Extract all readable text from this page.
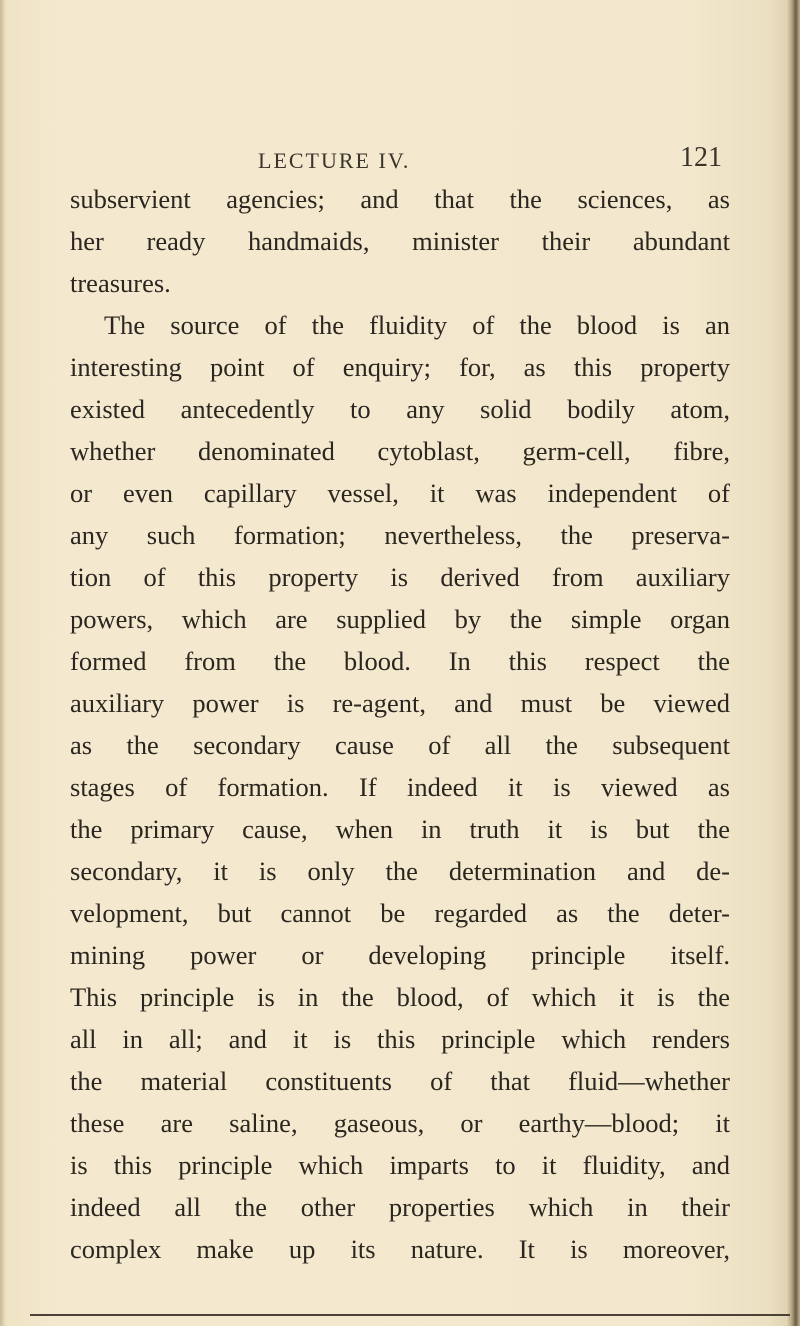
LECTURE IV.	121
subservient agencies; and that the sciences, as
her ready handmaids, minister their abundant
treasures.
The source of the fluidity of the blood is an
interesting point of enquiry; for, as this property
existed antecedently to any solid bodily atom,
whether denominated cytoblast, germ-cell, fibre,
or even capillary vessel, it was independent of
any such formation; nevertheless, the preserva-
tion of this property is derived from auxiliary
powers, which are supplied by the simple organ
formed from the blood. In this respect the
auxiliary power is re-agent, and must be viewed
as the secondary cause of all the subsequent
stages of formation. If indeed it is viewed as
the primary cause, when in truth it is but the
secondary, it is only the determination and de-
velopment, but cannot be regarded as the deter-
mining power or developing principle itself.
This principle is in the blood, of which it is the
all in all; and it is this principle which renders
the material constituents of that fluid—whether
these are saline, gaseous, or earthy—blood; it
is this principle which imparts to it fluidity, and
indeed all the other properties which in their
complex make up its nature. It is moreover,
